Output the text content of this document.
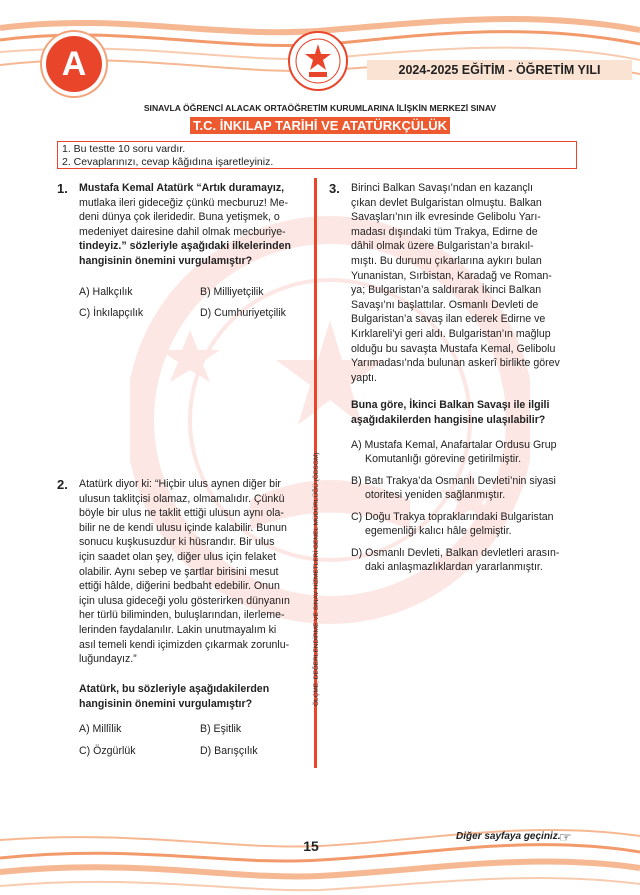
A	2024-2025 EĞİTİM - ÖĞRETİM YILI
SINAVLA ÖĞRENCİ ALACAK ORTAÖĞRETİM KURUMLARINA İLİŞKİN MERKEZİ SINAV
T.C. İNKILAP TARİHİ VE ATATÜRKÇÜLÜK
1. Bu testte 10 soru vardır.
2. Cevaplarınızı, cevap kâğıdına işaretleyiniz.
ÖLÇME, DEĞERLENDİRME VE SINAV HİZMETLERİ GENEL MÜDÜRLÜĞÜ (ÖDSGM)
1. Mustafa Kemal Atatürk “Artık duramayız,
mutlaka ileri gideceğiz çünkü mecburuz! Me-
deni dünya çok ileridedir. Buna yetişmek, o
medeniyet dairesine dahil olmak mecburiye-
tindeyiz.” sözleriyle aşağıdaki ilkelerinden
hangisinin önemini vurgulamıştır?
A) Halkçılık	B) Milliyetçilik
C) İnkılapçılık	D) Cumhuriyetçilik
2. Atatürk diyor ki: “Hiçbir ulus aynen diğer bir
ulusun taklitçisi olamaz, olmamalıdır. Çünkü
böyle bir ulus ne taklit ettiği ulusun aynı ola-
bilir ne de kendi ulusu içinde kalabilir. Bunun
sonucu kuşkusuzdur ki hüsrandır. Bir ulus
için saadet olan şey, diğer ulus için felaket
olabilir. Aynı sebep ve şartlar birisini mesut
ettiği hâlde, diğerini bedbaht edebilir. Onun
için ulusa gideceği yolu gösterirken dünyanın
her türlü biliminden, buluşlarından, ilerleme-
lerinden faydalanılır. Lakin unutmayalım ki
asıl temeli kendi içimizden çıkarmak zorunlu-
luğundayız.”
Atatürk, bu sözleriyle aşağıdakilerden
hangisinin önemini vurgulamıştır?
A) Millîlik	B) Eşitlik
C) Özgürlük	D) Barışçılık
3. Birinci Balkan Savaşı’ndan en kazançlı
çıkan devlet Bulgaristan olmuştu. Balkan
Savaşları’nın ilk evresinde Gelibolu Yarı-
madası dışındaki tüm Trakya, Edirne de
dâhil olmak üzere Bulgaristan’a bırakıl-
mıştı. Bu durumu çıkarlarına aykırı bulan
Yunanistan, Sırbistan, Karadağ ve Roman-
ya; Bulgaristan’a saldırarak İkinci Balkan
Savaşı’nı başlattılar. Osmanlı Devleti de
Bulgaristan’a savaş ilan ederek Edirne ve
Kırklareli’yi geri aldı. Bulgaristan’ın mağlup
olduğu bu savaşta Mustafa Kemal, Gelibolu
Yarımadası’nda bulunan askerî birlikte görev
yaptı.
Buna göre, İkinci Balkan Savaşı ile ilgili
aşağıdakilerden hangisine ulaşılabilir?
A) Mustafa Kemal, Anafartalar Ordusu Grup
Komutanlığı görevine getirilmiştir.
B) Batı Trakya’da Osmanlı Devleti’nin siyasi
otoritesi yeniden sağlanmıştır.
C) Doğu Trakya topraklarındaki Bulgaristan
egemenliği kalıcı hâle gelmiştir.
D) Osmanlı Devleti, Balkan devletleri arasın-
daki anlaşmazlıklardan yararlanmıştır.
Diğer sayfaya geçiniz.
☞
15
